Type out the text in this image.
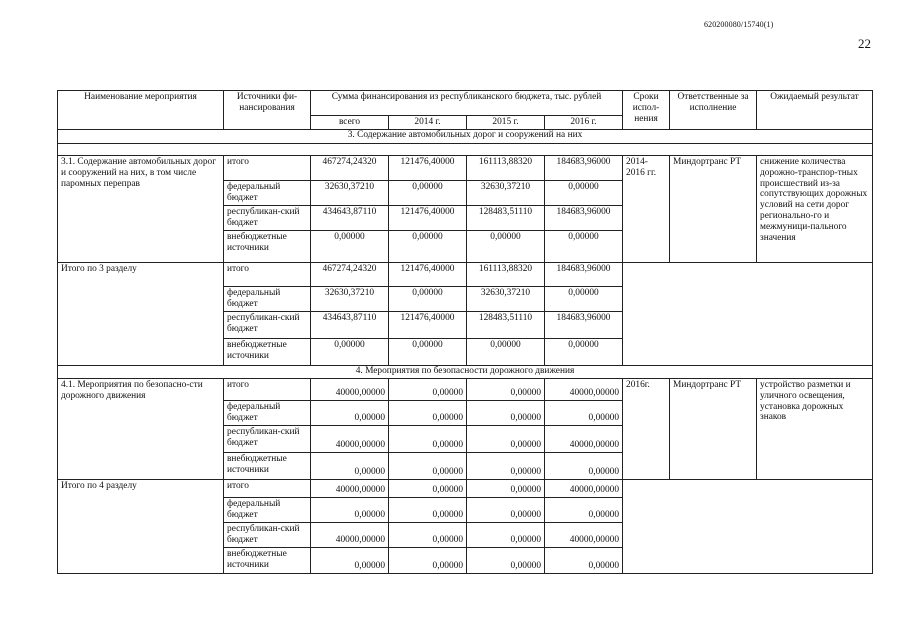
620200080/15740(1)
22
Наименование мероприятия	Источники фи-нансирования	Сумма финансирования из республиканского бюджета, тыс. рублей				Сроки испол-нения	Ответственные за исполнение	Ожидаемый результат
		всего	2014 г.	2015 г.	2016 г.			
3. Содержание автомобильных дорог и сооружений на них								

3.1. Содержание автомобильных дорог и сооружений на них, в том числе паромных переправ	итого	467274,24320	121476,40000	161113,88320	184683,96000	2014-2016 гг.	Миндортранс РТ	снижение количества дорожно-транспор-тных происшествий из-за сопутствующих дорожных условий на сети дорог регионально-го и межмуници-пального значения
	федеральный бюджет	32630,37210	0,00000	32630,37210	0,00000			
	республикан-ский бюджет	434643,87110	121476,40000	128483,51110	184683,96000			
	внебюджетные источники	0,00000	0,00000	0,00000	0,00000			
Итого по 3 разделу	итого	467274,24320	121476,40000	161113,88320	184683,96000			
	федеральный бюджет	32630,37210	0,00000	32630,37210	0,00000			
	республикан-ский бюджет	434643,87110	121476,40000	128483,51110	184683,96000			
	внебюджетные источники	0,00000	0,00000	0,00000	0,00000			
4. Мероприятия по безопасности дорожного движения								
4.1. Мероприятия по безопасно-сти дорожного движения	итого	40000,00000	0,00000	0,00000	40000,00000	2016г.	Миндортранс РТ	устройство разметки и уличного освещения, установка дорожных знаков
	федеральный бюджет	0,00000	0,00000	0,00000	0,00000			
	республикан-ский бюджет	40000,00000	0,00000	0,00000	40000,00000			
	внебюджетные источники	0,00000	0,00000	0,00000	0,00000			
Итого по 4 разделу	итого	40000,00000	0,00000	0,00000	40000,00000			
	федеральный бюджет	0,00000	0,00000	0,00000	0,00000			
	республикан-ский бюджет	40000,00000	0,00000	0,00000	40000,00000			
	внебюджетные источники	0,00000	0,00000	0,00000	0,00000			
